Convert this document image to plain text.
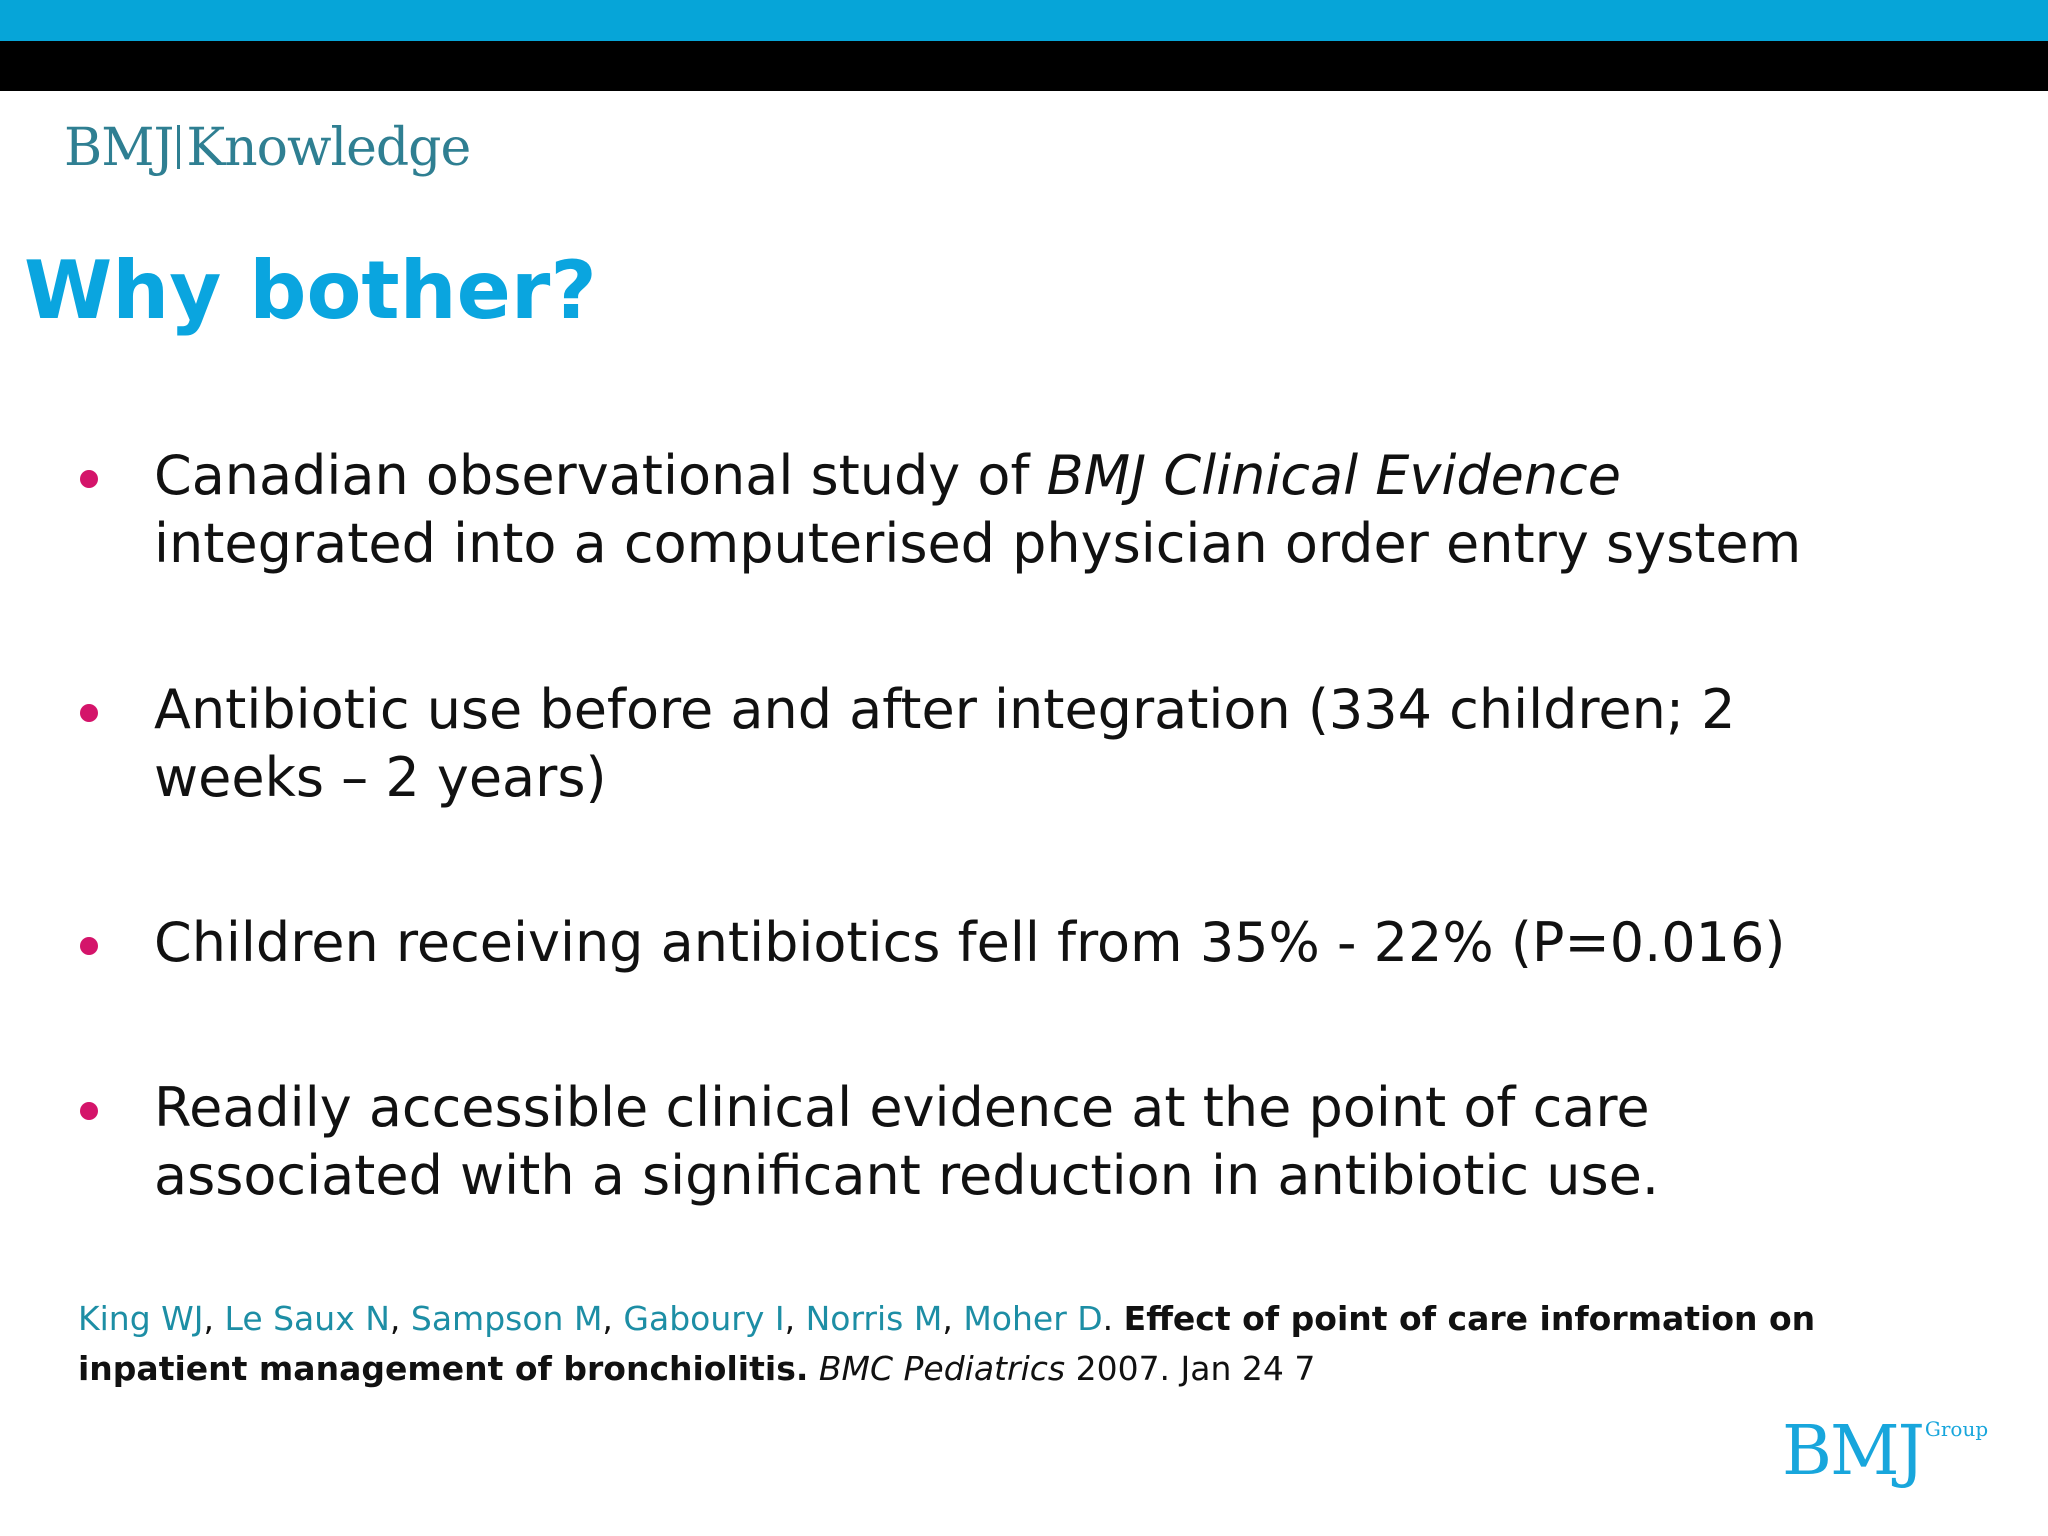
BMJ Knowledge
Why bother?
Canadian observational study of BMJ Clinical Evidence
integrated into a computerised physician order entry system
Antibiotic use before and after integration (334 children; 2
weeks – 2 years)
Children receiving antibiotics fell from 35% - 22% (P=0.016)
Readily accessible clinical evidence at the point of care
associated with a significant reduction in antibiotic use.
King WJ, Le Saux N, Sampson M, Gaboury I, Norris M, Moher D. Effect of point of care information on
inpatient management of bronchiolitis. BMC Pediatrics 2007. Jan 24 7
BMJ Group
